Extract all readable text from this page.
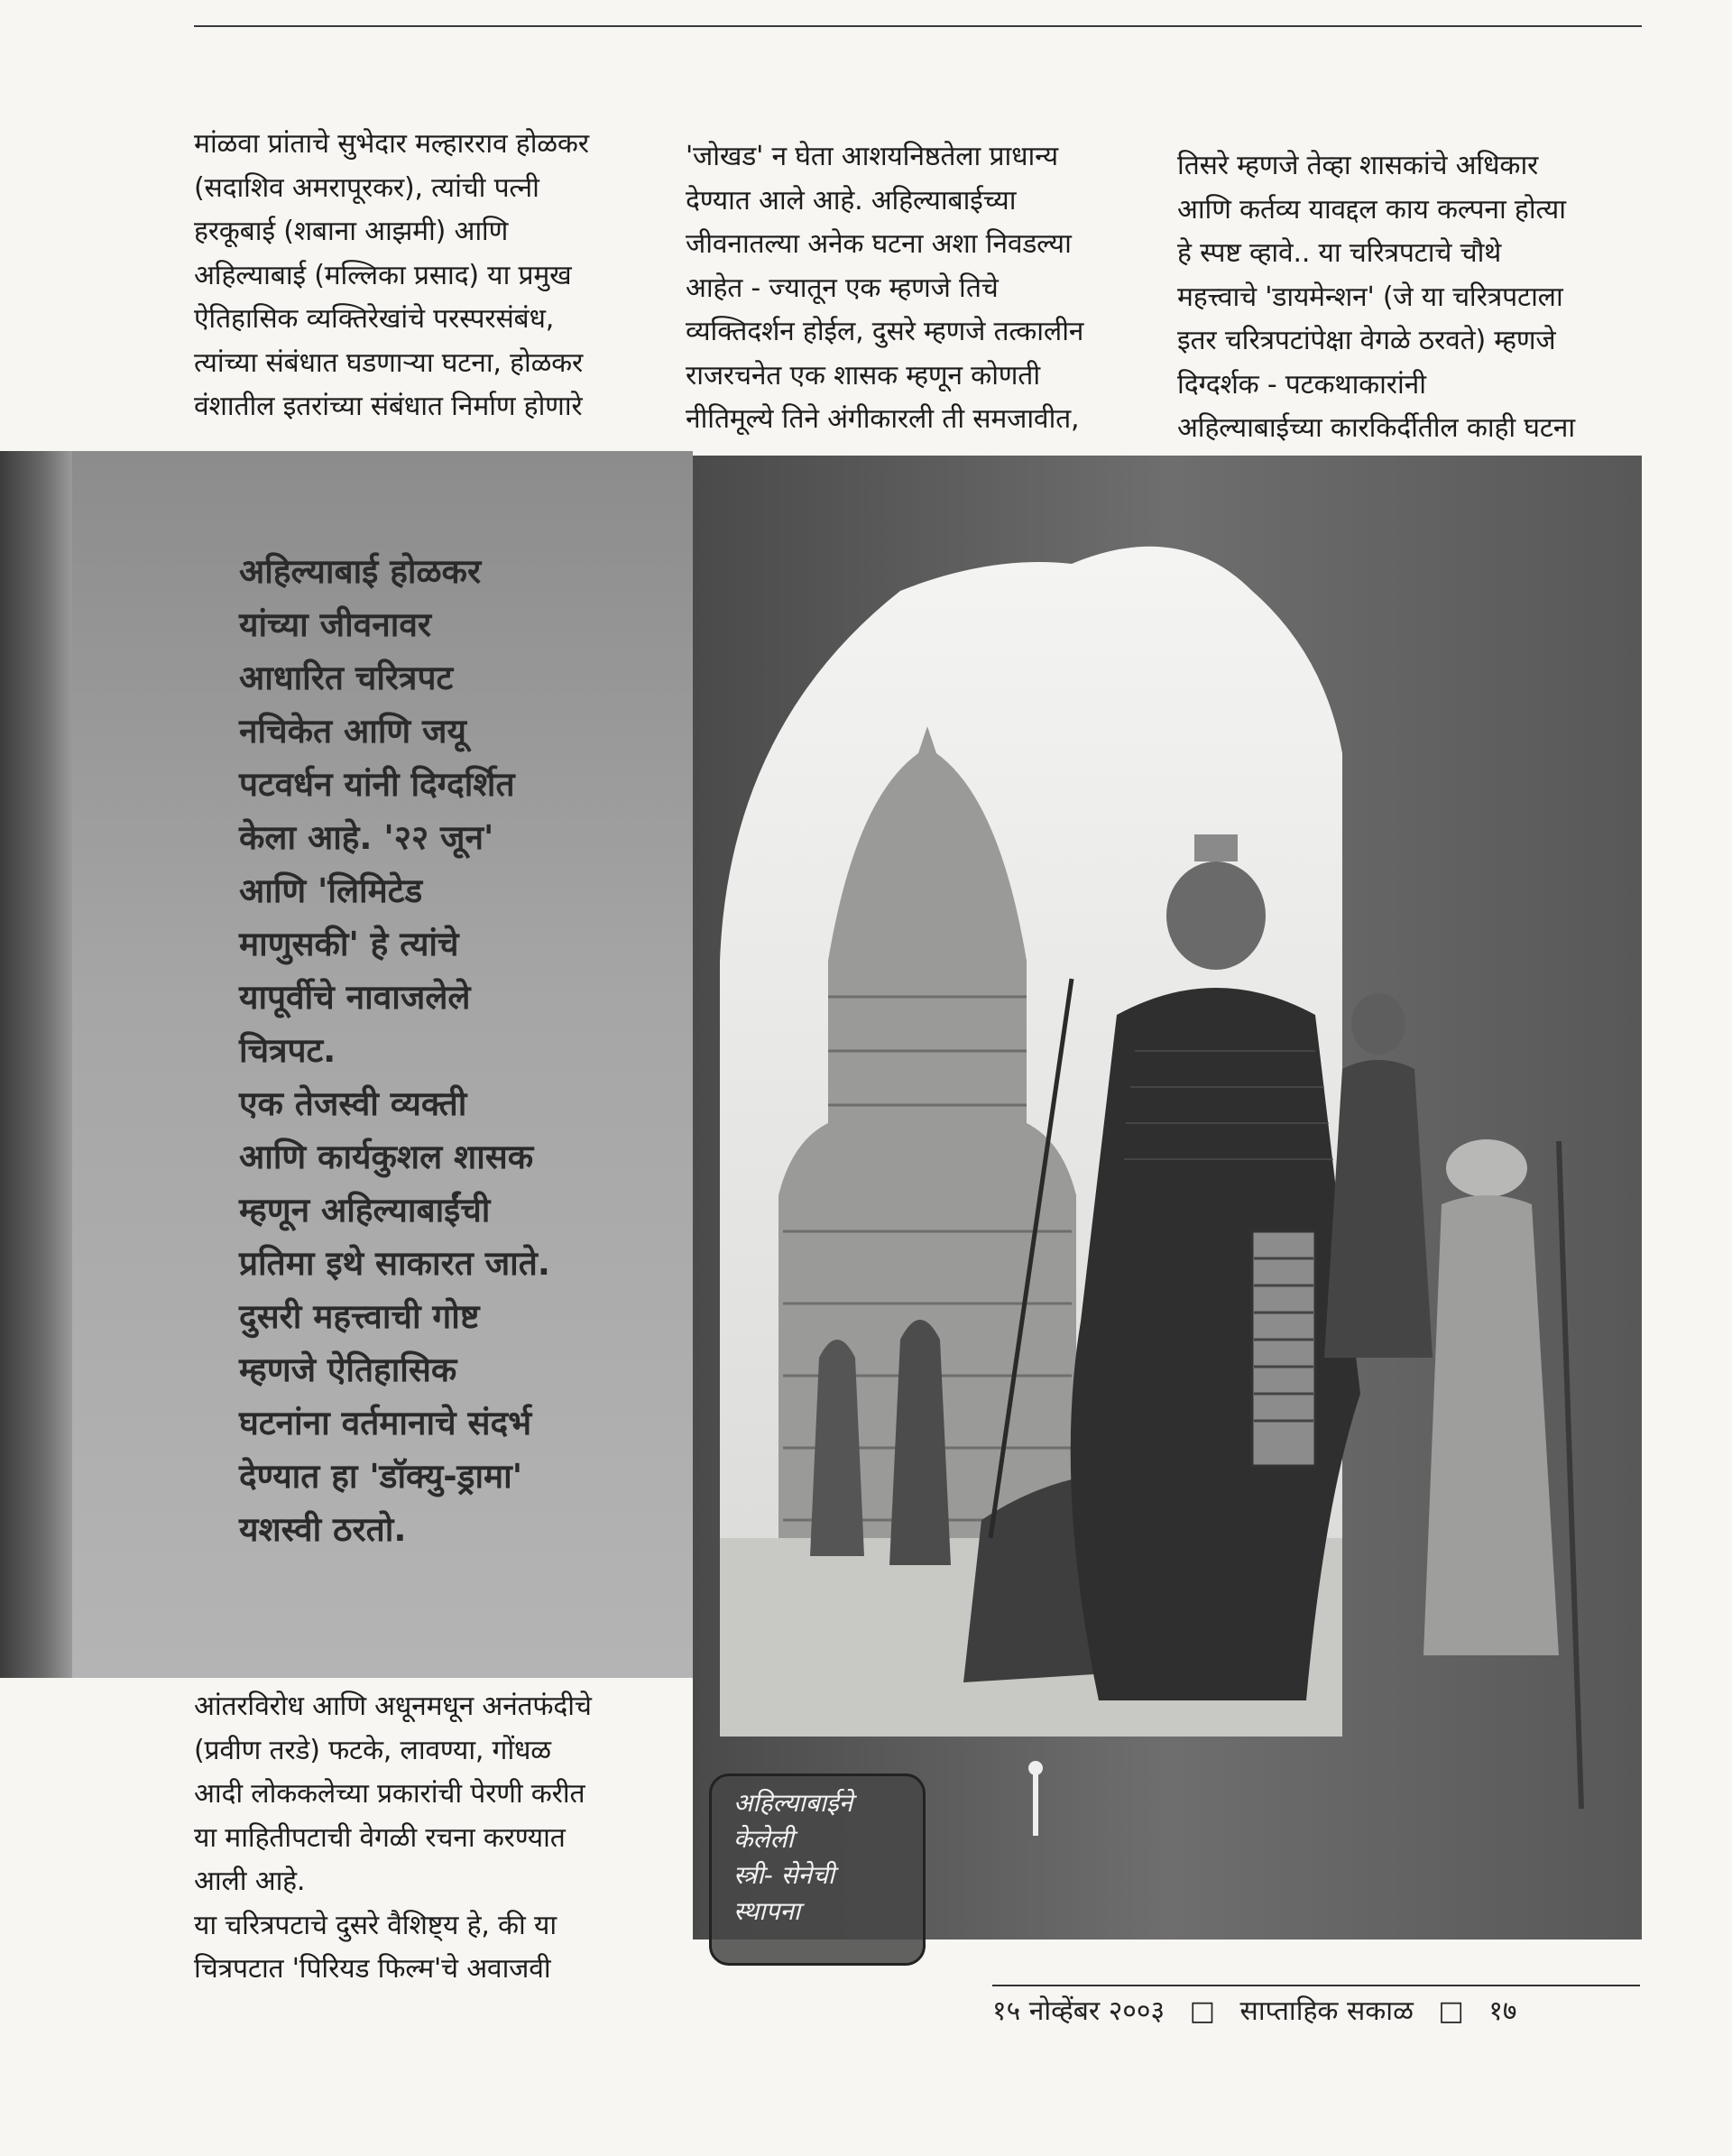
मांळवा प्रांताचे सुभेदार मल्हारराव होळकर
(सदाशिव अमरापूरकर), त्यांची पत्नी
हरकूबाई (शबाना आझमी) आणि
अहिल्याबाई (मल्लिका प्रसाद) या प्रमुख
ऐतिहासिक व्यक्तिरेखांचे परस्परसंबंध,
त्यांच्या संबंधात घडणाऱ्या घटना, होळकर
वंशातील इतरांच्या संबंधात निर्माण होणारे
'जोखड' न घेता आशयनिष्ठतेला प्राधान्य
देण्यात आले आहे. अहिल्याबाईच्या
जीवनातल्या अनेक घटना अशा निवडल्या
आहेत - ज्यातून एक म्हणजे तिचे
व्यक्तिदर्शन होईल, दुसरे म्हणजे तत्कालीन
राजरचनेत एक शासक म्हणून कोणती
नीतिमूल्ये तिने अंगीकारली ती समजावीत,
तिसरे म्हणजे तेव्हा शासकांचे अधिकार
आणि कर्तव्य यावद्दल काय कल्पना होत्या
हे स्पष्ट व्हावे.. या चरित्रपटाचे चौथे
महत्त्वाचे 'डायमेन्शन' (जे या चरित्रपटाला
इतर चरित्रपटांपेक्षा वेगळे ठरवते) म्हणजे
दिग्दर्शक - पटकथाकारांनी
अहिल्याबाईच्या कारकिर्दीतील काही घटना
अहिल्याबाई होळकर
यांच्या जीवनावर
आधारित चरित्रपट
नचिकेत आणि जयू
पटवर्धन यांनी दिग्दर्शित
केला आहे. '२२ जून'
आणि 'लिमिटेड
माणुसकी' हे त्यांचे
यापूर्वीचे नावाजलेले
चित्रपट.
एक तेजस्वी व्यक्ती
आणि कार्यकुशल शासक
म्हणून अहिल्याबाईंची
प्रतिमा इथे साकारत जाते.
दुसरी महत्त्वाची गोष्ट
म्हणजे ऐतिहासिक
घटनांना वर्तमानाचे संदर्भ
देण्यात हा 'डॉक्यु-ड्रामा'
यशस्वी ठरतो.
आंतरविरोध आणि अधूनमधून अनंतफंदीचे
(प्रवीण तरडे) फटके, लावण्या, गोंधळ
आदी लोककलेच्या प्रकारांची पेरणी करीत
या माहितीपटाची वेगळी रचना करण्यात
आली आहे.
या चरित्रपटाचे दुसरे वैशिष्ट्य हे, की या
चित्रपटात 'पिरियड फिल्म'चे अवाजवी
अहिल्याबाईने
केलेली
स्त्री- सेनेची
स्थापना
१५ नोव्हेंबर २००३ □ साप्ताहिक सकाळ □ १७
